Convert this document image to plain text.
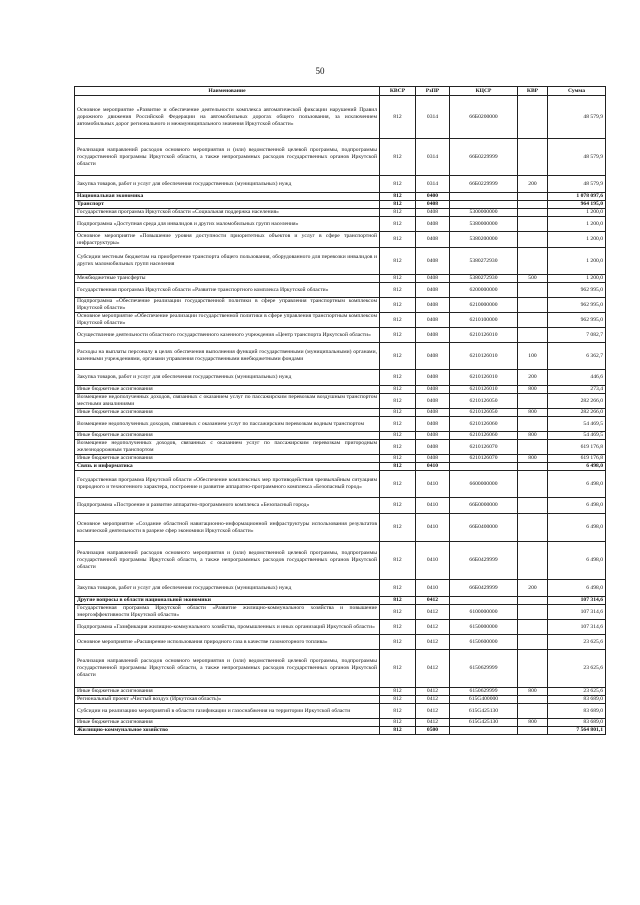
50
Наименование	КВСР	РзПР	КЦСР	КВР	Сумма
Основное мероприятие «Развитие и обеспечение деятельности комплекса автоматической фиксации нарушений Правил дорожного движения Российской Федерации на автомобильных дорогах общего пользования, за исключением автомобильных дорог регионального и межмуниципального значения Иркутской области»	812	0314	66Б0200000		48 579,9
Реализация направлений расходов основного мероприятия и (или) ведомственной целевой программы, подпрограммы государственной программы Иркутской области, а также непрограммных расходов государственных органов Иркутской области	812	0314	66Б0229999		48 579,9
Закупка товаров, работ и услуг для обеспечения государственных (муниципальных) нужд	812	0314	66Б0229999	200	48 579,9
Национальная экономика	812	0400			1 078 097,6
Транспорт	812	0408			964 195,0
Государственная программа Иркутской области «Социальная поддержка населения»	812	0408	5300000000		1 200,0
Подпрограмма «Доступная среда для инвалидов и других маломобильных групп населения»	812	0408	5380000000		1 200,0
Основное мероприятие «Повышение уровня доступности приоритетных объектов и услуг в сфере транспортной инфраструктуры»	812	0408	5380200000		1 200,0
Субсидии местным бюджетам на приобретение транспорта общего пользования, оборудованного для перевозки инвалидов и других маломобильных групп населения	812	0408	5380272930		1 200,0
Межбюджетные трансферты	812	0408	5380272930	500	1 200,0
Государственная программа Иркутской области «Развитие транспортного комплекса Иркутской области»	812	0408	6200000000		962 995,0
Подпрограмма «Обеспечение реализации государственной политики в сфере управления транспортным комплексом Иркутской области»	812	0408	6210000000		962 995,0
Основное мероприятие «Обеспечение реализации государственной политики в сфере управления транспортным комплексом Иркутской области»	812	0408	6210100000		962 995,0
Осуществление деятельности областного государственного казенного учреждения «Центр транспорта Иркутской области»	812	0408	6210126010		7 082,7
Расходы на выплаты персоналу в целях обеспечения выполнения функций государственными (муниципальными) органами, казенными учреждениями, органами управления государственными внебюджетными фондами	812	0408	6210126010	100	6 362,7
Закупка товаров, работ и услуг для обеспечения государственных (муниципальных) нужд	812	0408	6210126010	200	446,6
Иные бюджетные ассигнования	812	0408	6210126010	800	273,4
Возмещение недополученных доходов, связанных с оказанием услуг по пассажирским перевозкам воздушным транспортом местными авиалиниями	812	0408	6210126050		282 266,0
Иные бюджетные ассигнования	812	0408	6210126050	800	282 266,0
Возмещение недополученных доходов, связанных с оказанием услуг по пассажирским перевозкам водным транспортом	812	0408	6210126060		54 469,5
Иные бюджетные ассигнования	812	0408	6210126060	800	54 469,5
Возмещение недополученных доходов, связанных с оказанием услуг по пассажирским перевозкам пригородным железнодорожным транспортом	812	0408	6210126070		619 176,8
Иные бюджетные ассигнования	812	0408	6210126070	800	619 176,8
Связь и информатика	812	0410			6 498,0
Государственная программа Иркутской области «Обеспечение комплексных мер противодействия чрезвычайным ситуациям природного и техногенного характера, построение и развитие аппаратно-программного комплекса «Безопасный город»	812	0410	6600000000		6 498,0
Подпрограмма «Построение и развитие аппаратно-программного комплекса «Безопасный город»	812	0410	66Б0000000		6 498,0
Основное мероприятие «Создание областной навигационно-информационной инфраструктуры использования результатов космической деятельности в разрезе сфер экономики Иркутской области»	812	0410	66Б0400000		6 498,0
Реализация направлений расходов основного мероприятия и (или) ведомственной целевой программы, подпрограммы государственной программы Иркутской области, а также непрограммных расходов государственных органов Иркутской области	812	0410	66Б0429999		6 498,0
Закупка товаров, работ и услуг для обеспечения государственных (муниципальных) нужд	812	0410	66Б0429999	200	6 498,0
Другие вопросы в области национальной экономики	812	0412			107 314,6
Государственная программа Иркутской области «Развитие жилищно-коммунального хозяйства и повышение энергоэффективности Иркутской области»	812	0412	6100000000		107 314,6
Подпрограмма «Газификация жилищно-коммунального хозяйства, промышленных и иных организаций Иркутской области»	812	0412	6150000000		107 314,6
Основное мероприятие «Расширение использования природного газа в качестве газомоторного топлива»	812	0412	6150600000		23 625,6
Реализация направлений расходов основного мероприятия и (или) ведомственной целевой программы, подпрограммы государственной программы Иркутской области, а также непрограммных расходов государственных органов Иркутской области	812	0412	6150629999		23 625,6
Иные бюджетные ассигнования	812	0412	6150629999	800	23 625,6
Региональный проект «Чистый воздух (Иркутская область)»	812	0412	615G400000		83 689,0
Субсидии на реализацию мероприятий в области газификации и газоснабжения на территории Иркутской области	812	0412	615G425130		83 689,0
Иные бюджетные ассигнования	812	0412	615G425130	800	83 689,0
Жилищно-коммунальное хозяйство	812	0500			7 564 801,1
